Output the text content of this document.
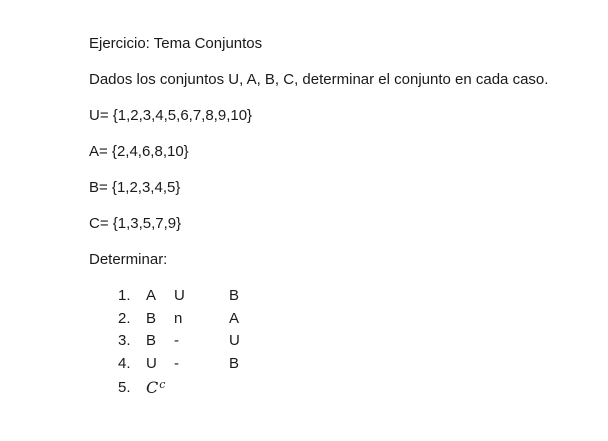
Ejercicio: Tema Conjuntos
Dados los conjuntos U, A, B, C, determinar el conjunto en cada caso.
U= {1,2,3,4,5,6,7,8,9,10}
A= {2,4,6,8,10}
B= {1,2,3,4,5}
C= {1,3,5,7,9}
Determinar:
1. A U	B
2. B n	A
3. B -	U
4. U -	B
5. $C^c$
